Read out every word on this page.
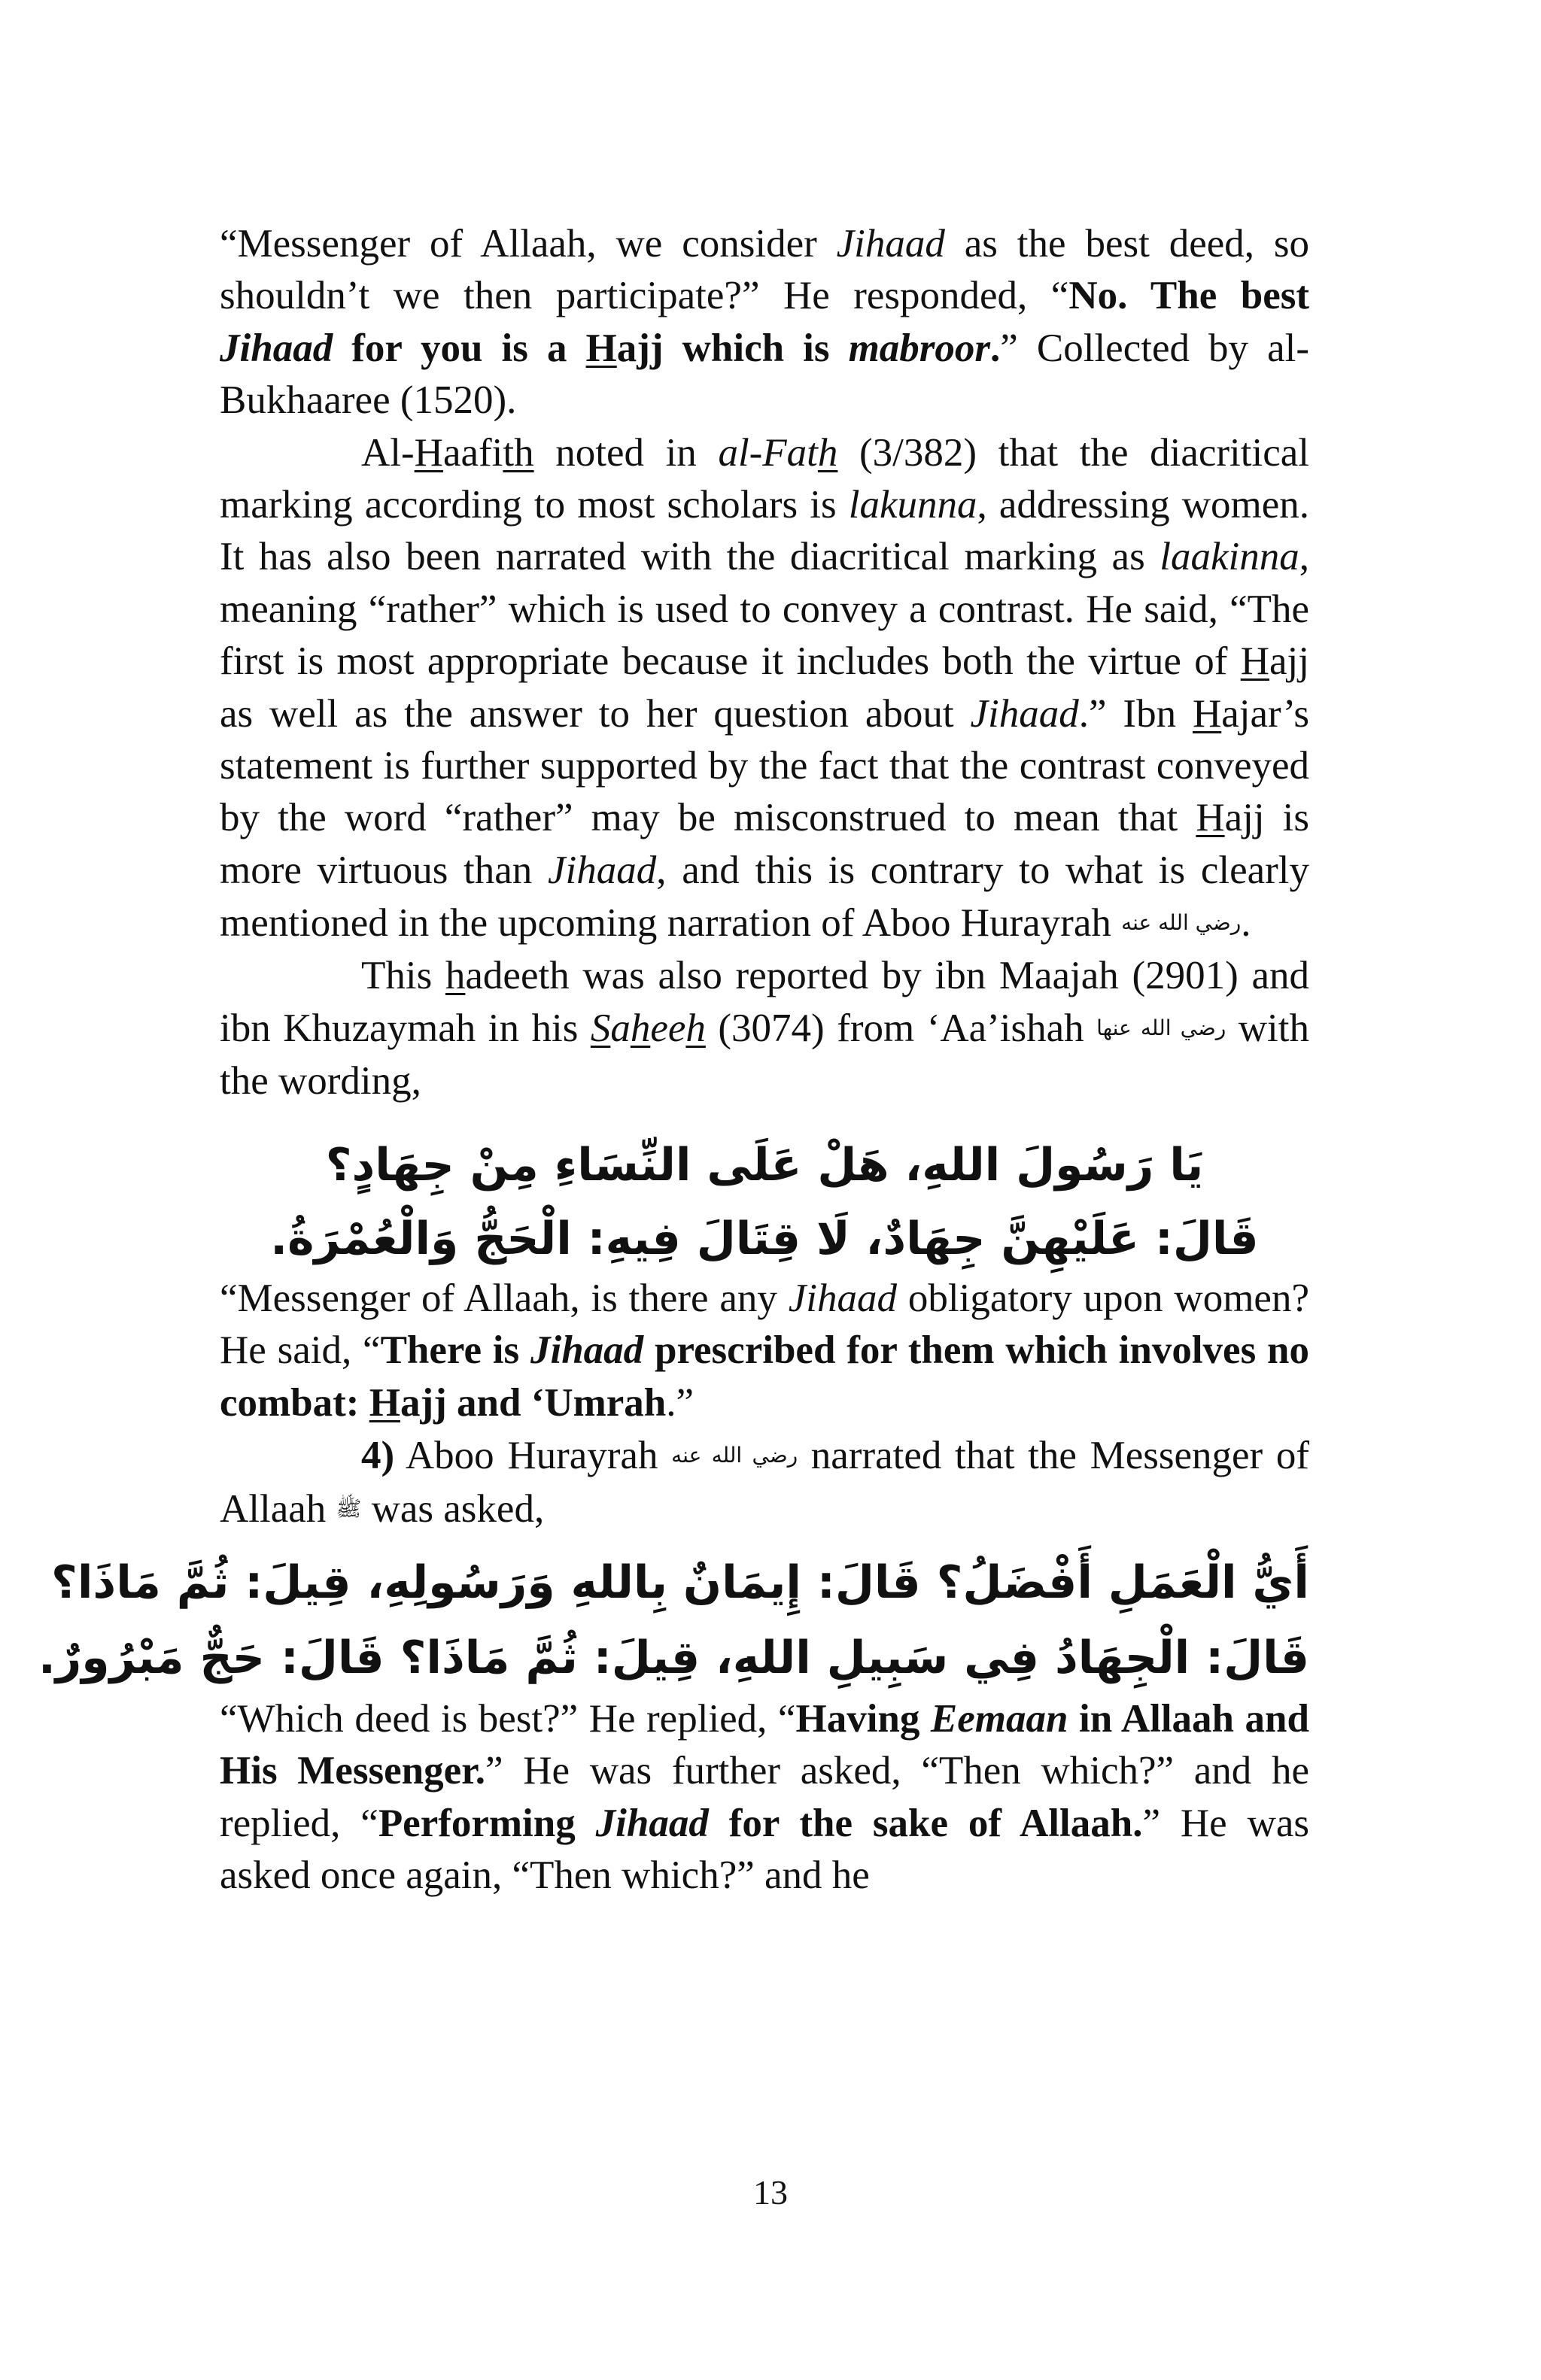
“Messenger of Allaah, we consider Jihaad as the best deed, so shouldn’t we then participate?” He responded, “No. The best Jihaad for you is a Hajj which is mabroor.” Collected by al-Bukhaaree (1520).

Al-Haafith noted in al-Fath (3/382) that the diacritical marking according to most scholars is lakunna, addressing women. It has also been narrated with the diacritical marking as laakinna, meaning “rather” which is used to convey a contrast. He said, “The first is most appropriate because it includes both the virtue of Hajj as well as the answer to her question about Jihaad.” Ibn Hajar’s statement is further supported by the fact that the contrast conveyed by the word “rather” may be misconstrued to mean that Hajj is more virtuous than Jihaad, and this is contrary to what is clearly mentioned in the upcoming narration of Aboo Hurayrah رضي الله عنه.

This hadeeth was also reported by ibn Maajah (2901) and ibn Khuzaymah in his Saheeh (3074) from ‘Aa’ishah رضي الله عنها with the wording,

يَا رَسُولَ اللهِ، هَلْ عَلَى النِّسَاءِ مِنْ جِهَادٍ؟

قَالَ: عَلَيْهِنَّ جِهَادٌ، لَا قِتَالَ فِيهِ: الْحَجُّ وَالْعُمْرَةُ.

“Messenger of Allaah, is there any Jihaad obligatory upon women? He said, “There is Jihaad prescribed for them which involves no combat: Hajj and ‘Umrah.”

4) Aboo Hurayrah رضي الله عنه narrated that the Messenger of Allaah ﷺ was asked,

أَيُّ الْعَمَلِ أَفْضَلُ؟ قَالَ: إِيمَانٌ بِاللهِ وَرَسُولِهِ، قِيلَ: ثُمَّ مَاذَا؟

قَالَ: الْجِهَادُ فِي سَبِيلِ اللهِ، قِيلَ: ثُمَّ مَاذَا؟ قَالَ: حَجٌّ مَبْرُورٌ.

“Which deed is best?” He replied, “Having Eemaan in Allaah and His Messenger.” He was further asked, “Then which?” and he replied, “Performing Jihaad for the sake of Allaah.” He was asked once again, “Then which?” and he

13
